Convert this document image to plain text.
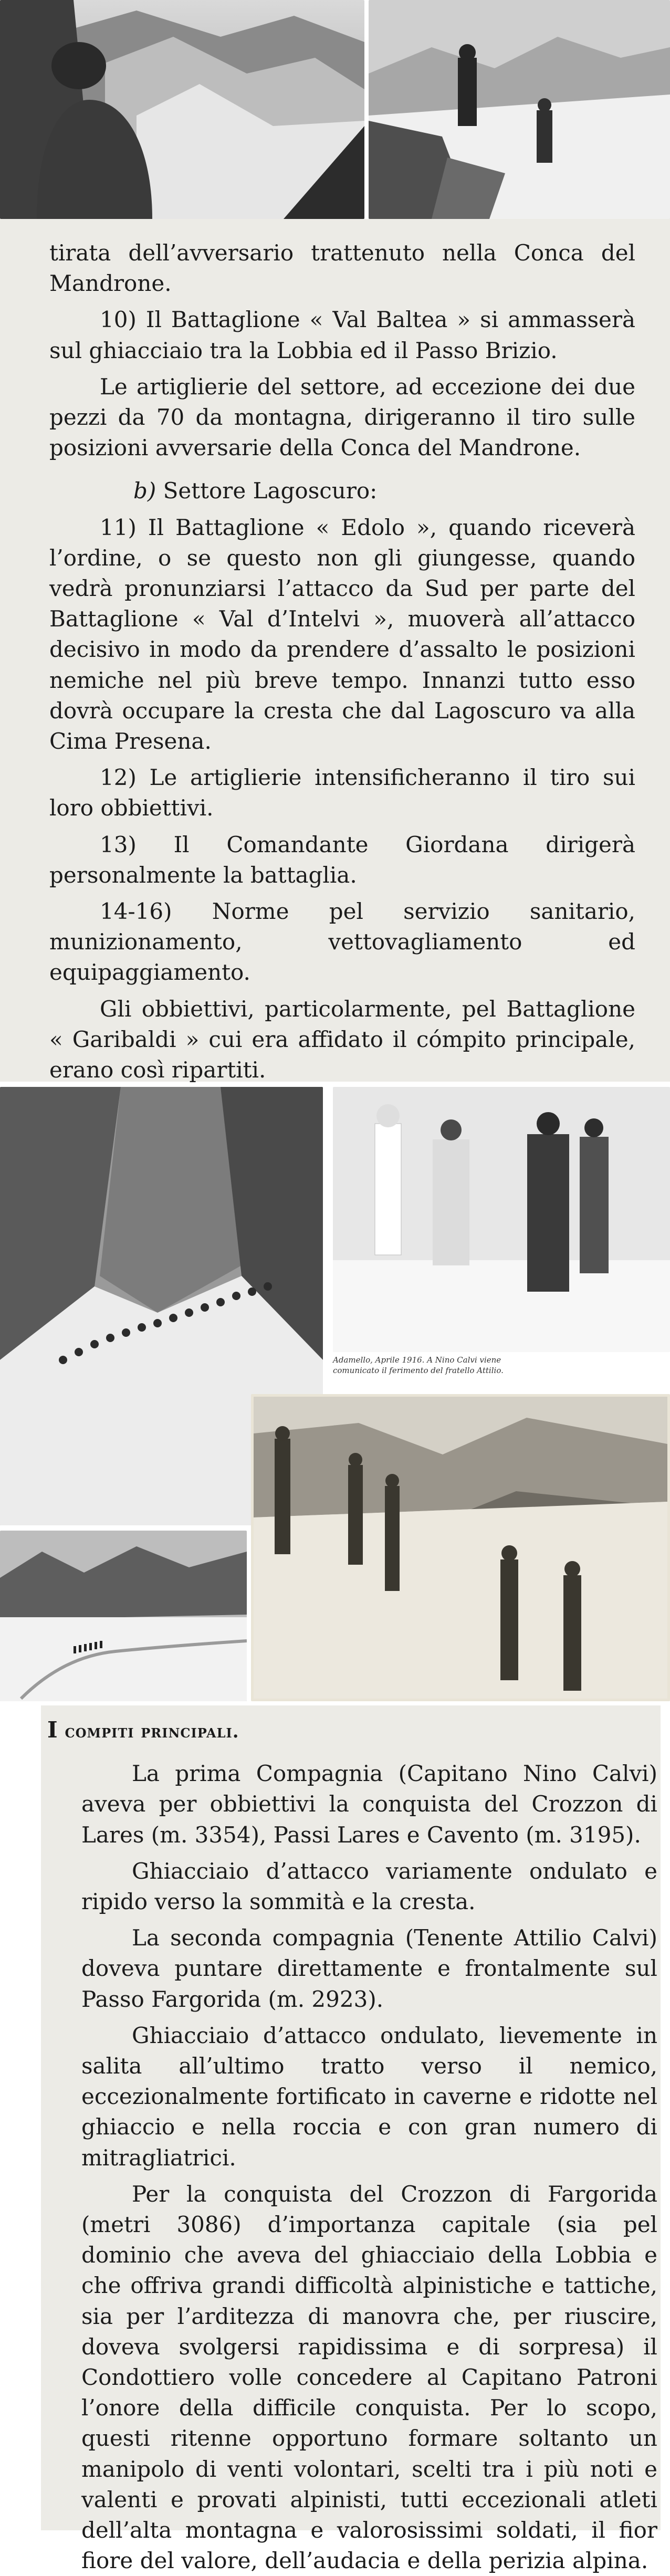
tirata dell’avversario trattenuto nella Conca del Mandrone.

10) Il Battaglione « Val Baltea » si ammasserà sul ghiacciaio tra la Lobbia ed il Passo Brizio.

Le artiglierie del settore, ad eccezione dei due pezzi da 70 da montagna, dirigeranno il tiro sulle posizioni avversarie della Conca del Mandrone.

b) Settore Lagoscuro:

11) Il Battaglione « Edolo », quando riceverà l’ordine, o se questo non gli giungesse, quando vedrà pronunziarsi l’attacco da Sud per parte del Battaglione « Val d’Intelvi », muoverà all’attacco decisivo in modo da prendere d’assalto le posizioni nemiche nel più breve tempo. Innanzi tutto esso dovrà occupare la cresta che dal Lagoscuro va alla Cima Presena.

12) Le artiglierie intensificheranno il tiro sui loro obbiettivi.

13) Il Comandante Giordana dirigerà personalmente la battaglia.

14-16) Norme pel servizio sanitario, munizionamento, vettovagliamento ed equipaggiamento.

Gli obbiettivi, particolarmente, pel Battaglione « Garibaldi » cui era affidato il cómpito principale, erano così ripartiti.

Adamello, Aprile 1916. A Nino Calvi viene
comunicato il ferimento del fratello Attilio.

I compiti principali.

La prima Compagnia (Capitano Nino Calvi) aveva per obbiettivi la conquista del Crozzon di Lares (m. 3354), Passi Lares e Cavento (m. 3195).

Ghiacciaio d’attacco variamente ondulato e ripido verso la sommità e la cresta.

La seconda compagnia (Tenente Attilio Calvi) doveva puntare direttamente e frontalmente sul Passo Fargorida (m. 2923).

Ghiacciaio d’attacco ondulato, lievemente in salita all’ultimo tratto verso il nemico, eccezionalmente fortificato in caverne e ridotte nel ghiaccio e nella roccia e con gran numero di mitragliatrici.

Per la conquista del Crozzon di Fargorida (metri 3086) d’importanza capitale (sia pel dominio che aveva del ghiacciaio della Lobbia e che offriva grandi difficoltà alpinistiche e tattiche, sia per l’arditezza di manovra che, per riuscire, doveva svolgersi rapidissima e di sorpresa) il Condottiero volle concedere al Capitano Patroni l’onore della difficile conquista. Per lo scopo, questi ritenne opportuno formare soltanto un manipolo di venti volontari, scelti tra i più noti e valenti e provati alpinisti, tutti eccezionali atleti dell’alta montagna e valorosissimi soldati, il fior fiore del valore, dell’audacia e della perizia alpina.
